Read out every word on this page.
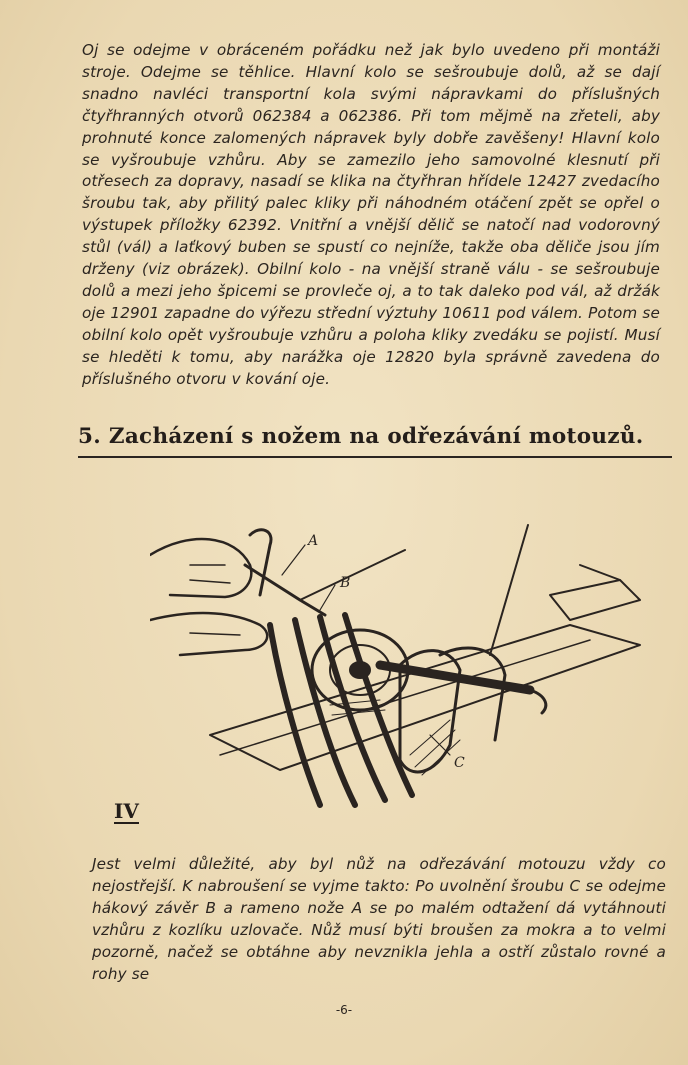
Oj se odejme v obráceném pořádku než jak bylo uvedeno při montáži stroje. Odejme se těhlice. Hlavní kolo se sešroubuje dolů, až se dají snadno navléci transportní kola svými nápravkami do příslušných čtyřhranných otvorů 062384 a 062386. Při tom mějmě na zřeteli, aby prohnuté konce zalomených nápravek byly dobře zavěšeny! Hlavní kolo se vyšroubuje vzhůru. Aby se zamezilo jeho samovolné klesnutí při otřesech za dopravy, nasadí se klika na čtyřhran hřídele 12427 zvedacího šroubu tak, aby přilitý palec kliky při náhodném otáčení zpět se opřel o výstupek příložky 62392. Vnitřní a vnější dělič se natočí nad vodorovný stůl (vál) a laťkový buben se spustí co nejníže, takže oba děliče jsou jím drženy (viz obrázek). Obilní kolo - na vnější straně válu - se sešroubuje dolů a mezi jeho špicemi se provleče oj, a to tak daleko pod vál, až držák oje 12901 zapadne do výřezu střední výztuhy 10611 pod válem. Potom se obilní kolo opět vyšroubuje vzhůru a poloha kliky zvedáku se pojistí. Musí se hleděti k tomu, aby narážka oje 12820 byla správně zavedena do příslušného otvoru v kování oje.
5. Zacházení s nožem na odřezávání motouzů.
A
B
C
IV
Jest velmi důležité, aby byl nůž na odřezávání motouzu vždy co nejostřejší. K nabroušení se vyjme takto: Po uvolnění šroubu C se odejme hákový závěr B a rameno nože A se po malém odtažení dá vytáhnouti vzhůru z kozlíku uzlovače. Nůž musí býti broušen za mokra a to velmi pozorně, načež se obtáhne aby nevznikla jehla a ostří zůstalo rovné a rohy se
-6-
